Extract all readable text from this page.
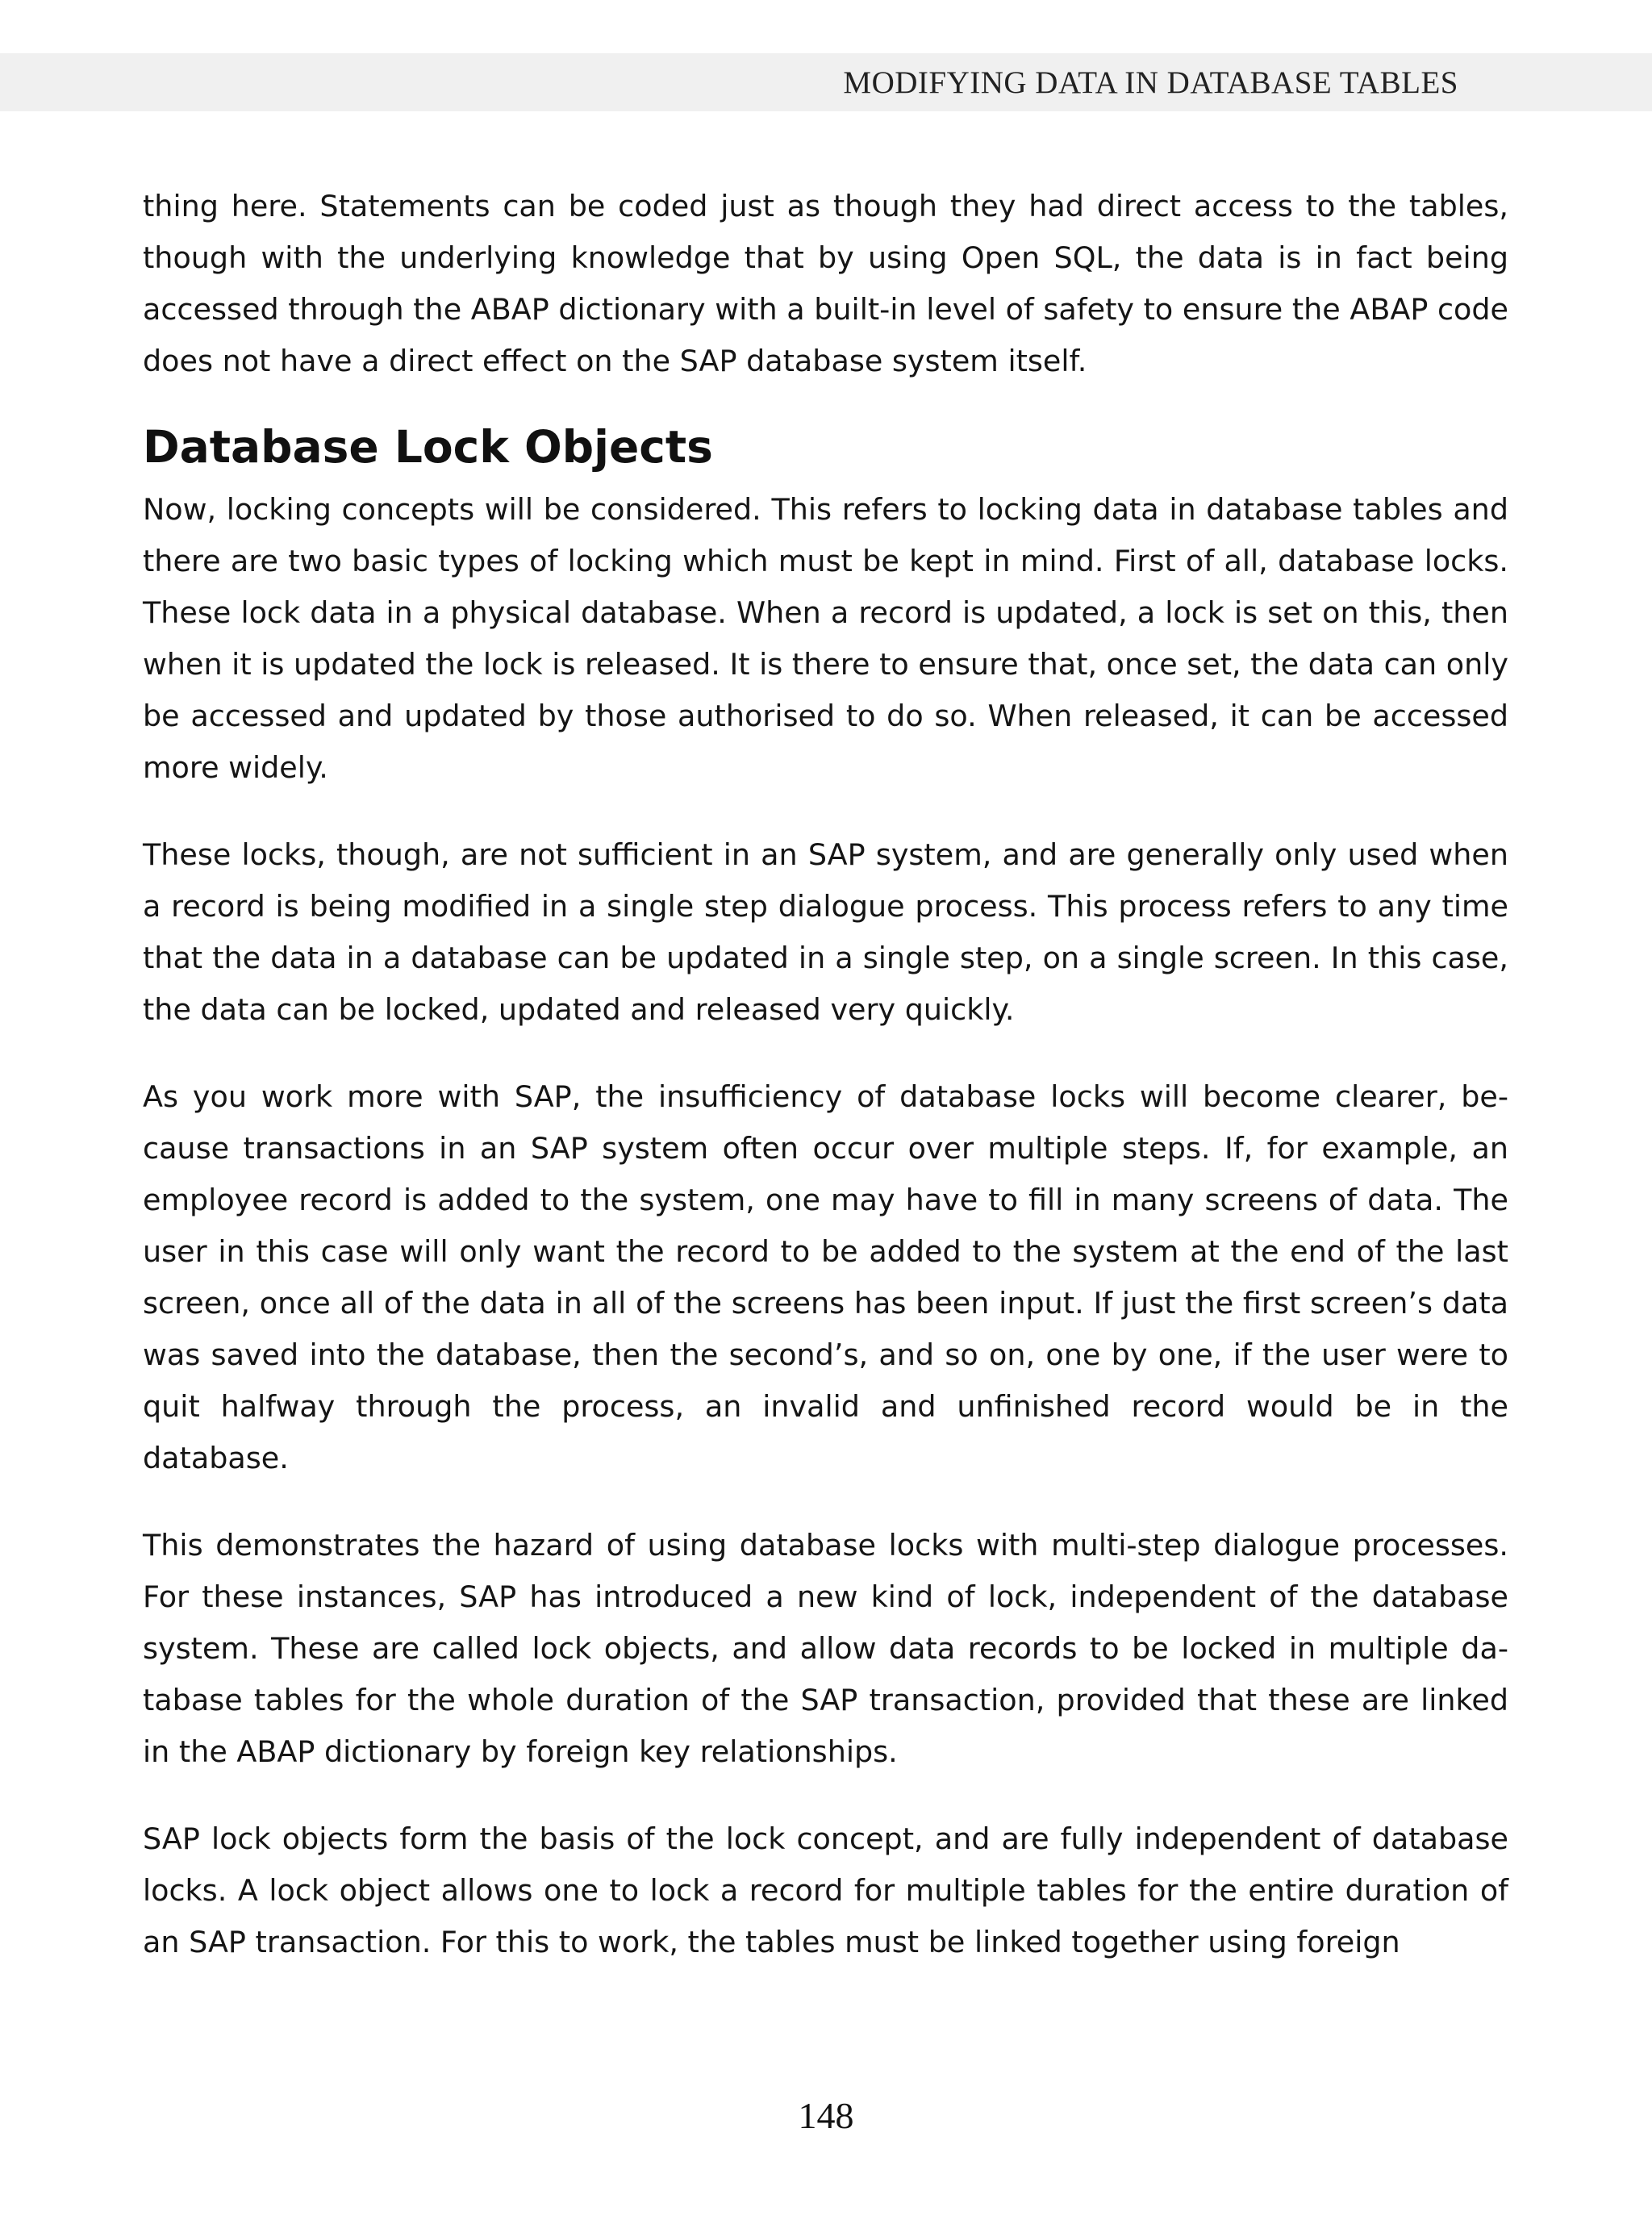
MODIFYING DATA IN DATABASE TABLES

thing here. Statements can be coded just as though they had direct access to the tables, though with the underlying knowledge that by using Open SQL, the data is in fact being accessed through the ABAP dictionary with a built-in level of safety to ensure the ABAP code does not have a direct effect on the SAP database system itself.

Database Lock Objects

Now, locking concepts will be considered. This refers to locking data in database tables and there are two basic types of locking which must be kept in mind. First of all, database locks. These lock data in a physical database. When a record is updated, a lock is set on this, then when it is updated the lock is released. It is there to ensure that, once set, the data can only be accessed and updated by those authorised to do so. When released, it can be accessed more widely.

These locks, though, are not sufficient in an SAP system, and are generally only used when a record is being modified in a single step dialogue process. This process refers to any time that the data in a database can be updated in a single step, on a single screen. In this case, the data can be locked, updated and released very quickly.

As you work more with SAP, the insufficiency of database locks will become clearer, because transactions in an SAP system often occur over multiple steps. If, for example, an employee record is added to the system, one may have to fill in many screens of data. The user in this case will only want the record to be added to the system at the end of the last screen, once all of the data in all of the screens has been input. If just the first screen’s data was saved into the database, then the second’s, and so on, one by one, if the user were to quit halfway through the process, an invalid and unfinished record would be in the database.

This demonstrates the hazard of using database locks with multi-step dialogue processes. For these instances, SAP has introduced a new kind of lock, independent of the database system. These are called lock objects, and allow data records to be locked in multiple database tables for the whole duration of the SAP transaction, provided that these are linked in the ABAP dictionary by foreign key relationships.

SAP lock objects form the basis of the lock concept, and are fully independent of database locks. A lock object allows one to lock a record for multiple tables for the entire duration of an SAP transaction. For this to work, the tables must be linked together using foreign

148
